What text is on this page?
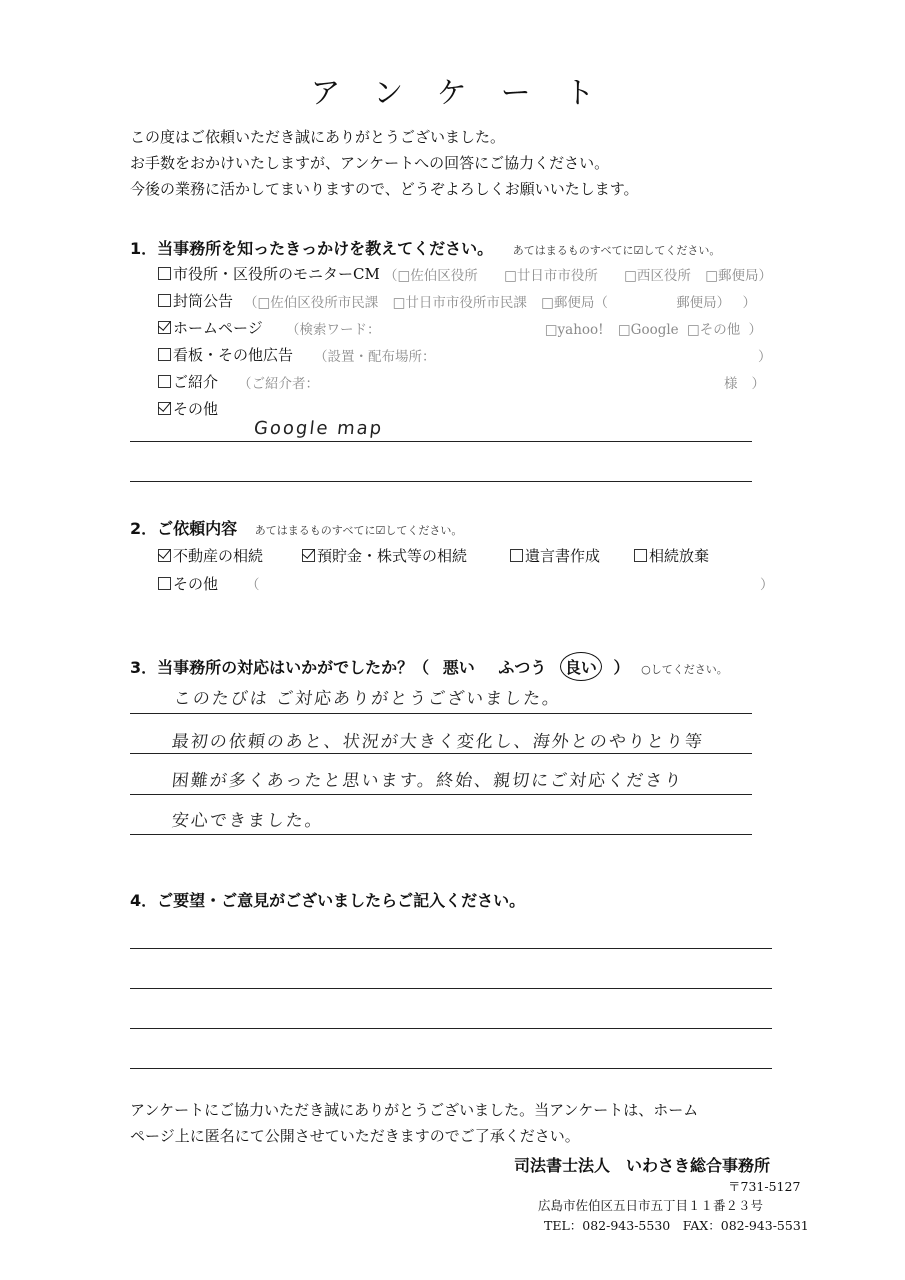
アンケート
この度はご依頼いただき誠にありがとうございました。
お手数をおかけいたしますが、アンケートへの回答にご協力ください。
今後の業務に活かしてまいりますので、どうぞよろしくお願いいたします。
1．当事務所を知ったきっかけを教えてください。 あてはまるものすべてに☑してください。
市役所・区役所のモニターCM （□佐伯区役所 □廿日市市役所 □西区役所 □郵便局）
封筒公告 （□佐伯区役所市民課 □廿日市市役所市民課 □郵便局（	郵便局） ）
ホームページ （検索ワード：	□yahoo! □Google □その他 ）
看板・その他広告 （設置・配布場所：	）
ご紹介 （ご紹介者：	様 ）
その他
Google map
2．ご依頼内容 あてはまるものすべてに☑してください。
不動産の相続	預貯金・株式等の相続	遺言書作成	相続放棄
その他 （	）
3．当事務所の対応はいかがでしたか？（ 悪い ふつう 良い ） ○してください。
このたびは ご対応ありがとうございました。
最初の依頼のあと、状況が大きく変化し、海外とのやりとり等
困難が多くあったと思います。終始、親切にご対応くださり
安心できました。
4．ご要望・ご意見がございましたらご記入ください。
アンケートにご協力いただき誠にありがとうございました。当アンケートは、ホーム
ページ上に匿名にて公開させていただきますのでご了承ください。
司法書士法人　いわさき総合事務所
〒731-5127
広島市佐伯区五日市五丁目１１番２３号
TEL：082-943-5530　FAX：082-943-5531
